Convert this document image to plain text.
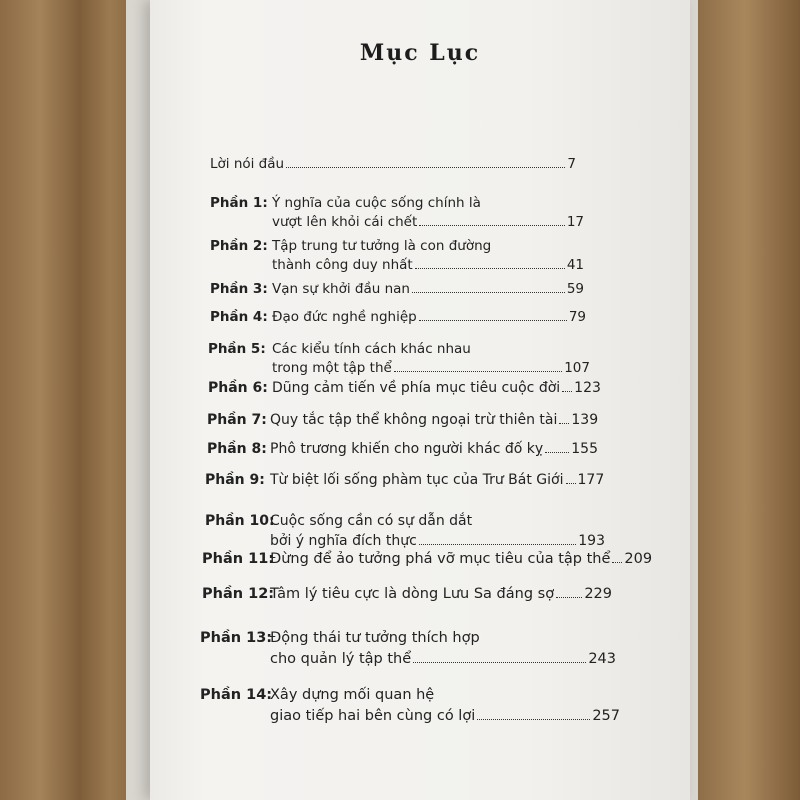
Mục Lục
Lời nói đầu	7
Phần 1: Ý nghĩa của cuộc sống chính là
vượt lên khỏi cái chết	17
Phần 2: Tập trung tư tưởng là con đường
thành công duy nhất	41
Phần 3: Vạn sự khởi đầu nan	59
Phần 4: Đạo đức nghề nghiệp	79
Phần 5: Các kiểu tính cách khác nhau
trong một tập thể	107
Phần 6: Dũng cảm tiến về phía mục tiêu cuộc đời 123
Phần 7: Quy tắc tập thể không ngoại trừ thiên tài 139
Phần 8: Phô trương khiến cho người khác đố kỵ 155
Phần 9: Từ biệt lối sống phàm tục của Trư Bát Giới 177
Phần 10:
Cuộc sống cần có sự dẫn dắt
bởi ý nghĩa đích thực	193
Phần 11:
Đừng để ảo tưởng phá vỡ mục tiêu của tập thể 209
Phần 12:
Tâm lý tiêu cực là dòng Lưu Sa đáng sợ 229
Phần 13:
Động thái tư tưởng thích hợp
cho quản lý tập thể	243
Phần 14:
Xây dựng mối quan hệ
giao tiếp hai bên cùng có lợi	257
